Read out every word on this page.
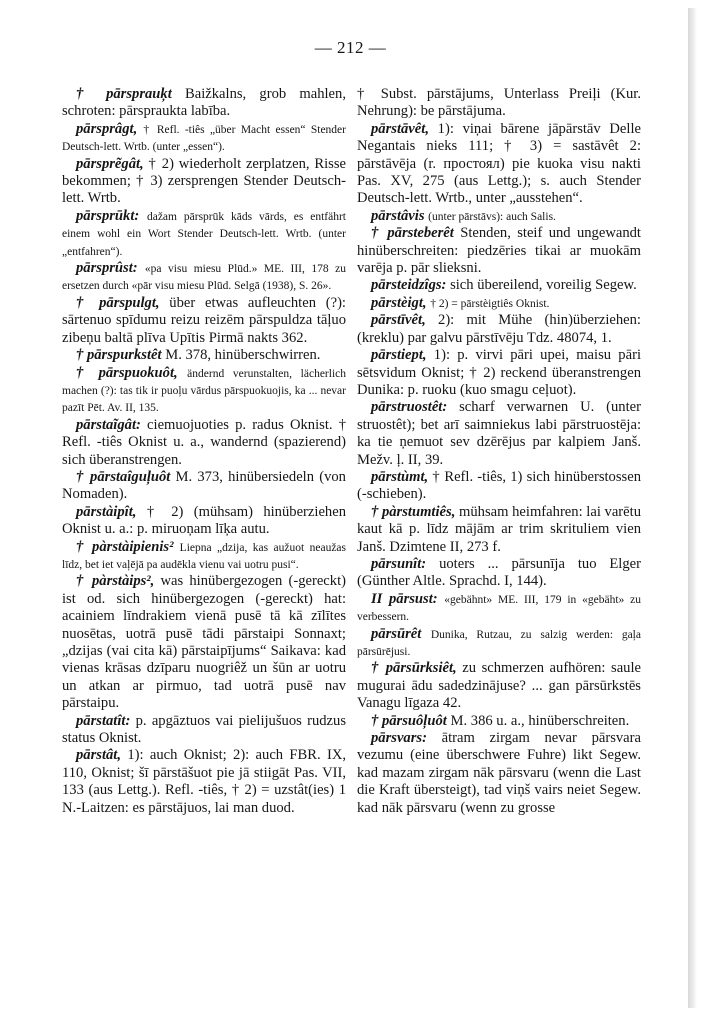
— 212 —
† pārsprauk̦t Baižkalns, grob mahlen, schroten: pārspraukta labība.
pārsprâgt, † Refl. -tiês „über Macht essen“ Stender Deutsch-lett. Wrtb. (unter „essen“).
pārsprẽgât, † 2) wiederholt zerplatzen, Risse bekommen; † 3) zersprengen Stender Deutsch-lett. Wrtb.
pārsprūkt: dažam pārsprūk kāds vārds, es entfährt einem wohl ein Wort Stender Deutsch-lett. Wrtb. (unter „entfahren“).
pārsprûst: «pa visu miesu Plūd.» ME. III, 178 zu ersetzen durch «pār visu miesu Plūd. Selgā (1938), S. 26».
† pārspulgt, über etwas aufleuchten (?): sārtenuo spīdumu reizu reizēm pārspuldza tāļuo zibeņu baltā plīva Upītis Pirmā nakts 362.
† pārspurkstêt M. 378, hinüberschwirren.
† pārspuokuôt, ändernd verunstalten, lächerlich machen (?): tas tik ir puoļu vārdus pārspuokuojis, ka ... nevar pazīt Pēt. Av. II, 135.
pārstaĩgât: ciemuojuoties p. radus Oknist. † Refl. -tiês Oknist u. a., wandernd (spazierend) sich überanstrengen.
† pārstaîguļuôt M. 373, hinübersiedeln (von Nomaden).
pārstàipît, † 2) (mühsam) hinüberziehen Oknist u. a.: p. miruoņam līķa autu.
† pàrstàipienis² Liepna „dzija, kas aužuot neaužas līdz, bet iet vaļējā pa audēkla vienu vai uotru pusi“.
† pàrstàips², was hinübergezogen (-gereckt) ist od. sich hinübergezogen (-gereckt) hat: acainiem līndrakiem vienā pusē tā kā zīlītes nuosētas, uotrā pusē tādi pārstaipi Sonnaxt; „dzijas (vai cita kā) pārstaipījums“ Saikava: kad vienas krāsas dzīparu nuogriêž un šūn ar uotru un atkan ar pirmuo, tad uotrā pusē nav pārstaipu.
pārstatît: p. apgāztuos vai pielijušuos rudzus status Oknist.
pārstât, 1): auch Oknist; 2): auch FBR. IX, 110, Oknist; šī pārstāšuot pie jā stiigāt Pas. VII, 133 (aus Lettg.). Refl. -tiês, † 2) = uzstât(ies) 1 N.-Laitzen: es pārstājuos, lai man duod.
† Subst. pārstājums, Unterlass Preiļi (Kur. Nehrung): be pārstājuma.
pārstāvêt, 1): viņai bārene jāpārstāv Delle Negantais nieks 111; † 3) = sastāvêt 2: pārstāvēja (r. простоял) pie kuoka visu nakti Pas. XV, 275 (aus Lettg.); s. auch Stender Deutsch-lett. Wrtb., unter „ausstehen“.
pārstâvis (unter pārstāvs): auch Salis.
† pārsteberêt Stenden, steif und ungewandt hinüberschreiten: piedzēries tikai ar muokām varēja p. pār slieksni.
pārsteidzîgs: sich übereilend, voreilig Segew.
pārstèigt, † 2) = pārstèigtiês Oknist.
pārstīvêt, 2): mit Mühe (hin)überziehen: (kreklu) par galvu pārstīvēju Tdz. 48074, 1.
pārstiept, 1): p. virvi pāri upei, maisu pāri sētsvidum Oknist; † 2) reckend überanstrengen Dunika: p. ruoku (kuo smagu ceļuot).
pārstruostêt: scharf verwarnen U. (unter struostêt); bet arī saimniekus labi pārstruostēja: ka tie ņemuot sev dzērējus par kalpiem Janš. Mežv. ļ. II, 39.
pārstùmt, † Refl. -tiês, 1) sich hinüberstossen (-schieben).
† pàrstumtiês, mühsam heimfahren: lai varētu kaut kā p. līdz mājām ar trim skrituliem vien Janš. Dzimtene II, 273 f.
pārsunît: uoters ... pārsunīja tuo Elger (Günther Altle. Sprachd. I, 144).
II pārsust: «gebähnt» ME. III, 179 in «gebäht» zu verbessern.
pārsūrêt Dunika, Rutzau, zu salzig werden: gaļa pārsūrējusi.
† pārsūrksiêt, zu schmerzen aufhören: saule mugurai ādu sadedzinājuse? ... gan pārsūrkstēs Vanagu līgaza 42.
† pārsuôļuôt M. 386 u. a., hinüberschreiten.
pārsvars: ātram zirgam nevar pārsvara vezumu (eine überschwere Fuhre) likt Segew. kad mazam zirgam nāk pārsvaru (wenn die Last die Kraft übersteigt), tad viņš vairs neiet Segew. kad nāk pārsvaru (wenn zu grosse
